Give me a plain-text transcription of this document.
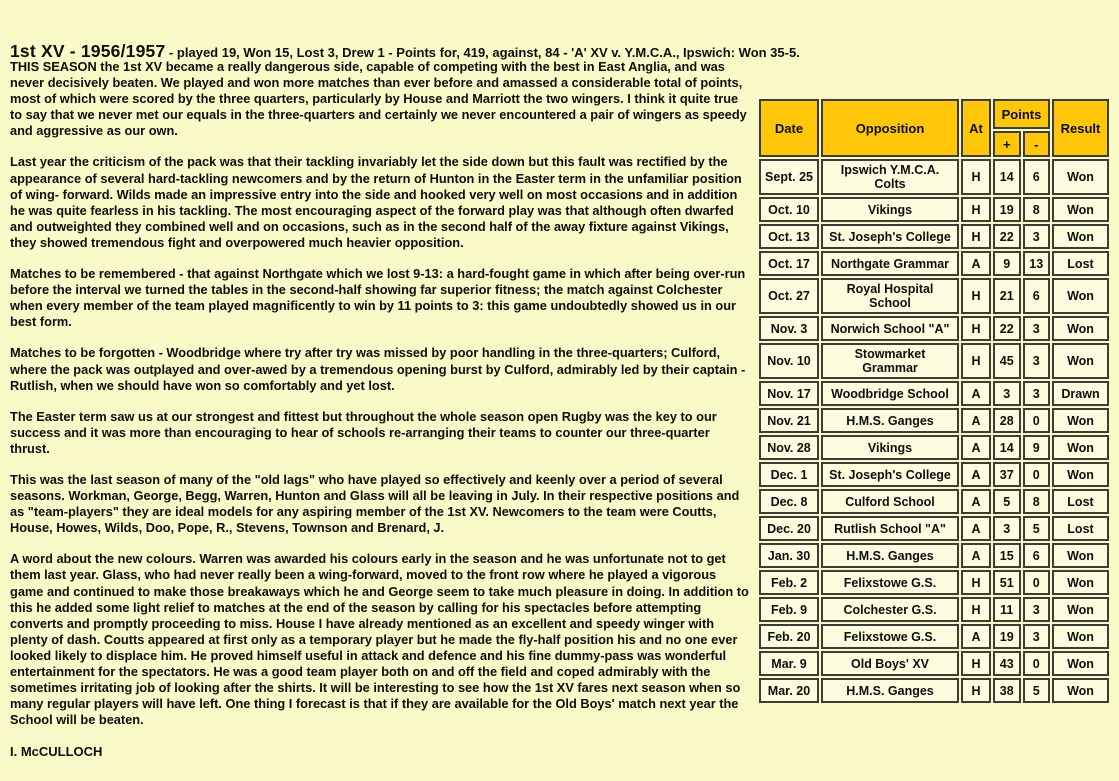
1st XV - 1956/1957 - played 19, Won 15, Lost 3, Drew 1 - Points for, 419, against, 84 - 'A' XV v. Y.M.C.A., Ipswich: Won 35-5.

THIS SEASON the 1st XV became a really dangerous side, capable of competing with the best in East Anglia, and was never decisively beaten. We played and won more matches than ever before and amassed a considerable total of points, most of which were scored by the three quarters, particularly by House and Marriott the two wingers. I think it quite true to say that we never met our equals in the three-quarters and certainly we never encountered a pair of wingers as speedy and aggressive as our own.

Last year the criticism of the pack was that their tackling invariably let the side down but this fault was rectified by the appearance of several hard-tackling newcomers and by the return of Hunton in the Easter term in the unfamiliar position of wing- forward. Wilds made an impressive entry into the side and hooked very well on most occasions and in addition he was quite fearless in his tackling. The most encouraging aspect of the forward play was that although often dwarfed and outweighted they combined well and on occasions, such as in the second half of the away fixture against Vikings, they showed tremendous fight and overpowered much heavier opposition.

Matches to be remembered - that against Northgate which we lost 9-13: a hard-fought game in which after being over-run before the interval we turned the tables in the second-half showing far superior fitness; the match against Colchester when every member of the team played magnificently to win by 11 points to 3: this game undoubtedly showed us in our best form.

Matches to be forgotten - Woodbridge where try after try was missed by poor handling in the three-quarters; Culford, where the pack was outplayed and over-awed by a tremendous opening burst by Culford, admirably led by their captain - Rutlish, when we should have won so comfortably and yet lost.

The Easter term saw us at our strongest and fittest but throughout the whole season open Rugby was the key to our success and it was more than encouraging to hear of schools re-arranging their teams to counter our three-quarter thrust.

This was the last season of many of the "old lags" who have played so effectively and keenly over a period of several seasons. Workman, George, Begg, Warren, Hunton and Glass will all be leaving in July. In their respective positions and as "team-players" they are ideal models for any aspiring member of the 1st XV. Newcomers to the team were Coutts, House, Howes, Wilds, Doo, Pope, R., Stevens, Townson and Brenard, J.

A word about the new colours. Warren was awarded his colours early in the season and he was unfortunate not to get them last year. Glass, who had never really been a wing-forward, moved to the front row where he played a vigorous game and continued to make those breakaways which he and George seem to take much pleasure in doing. In addition to this he added some light relief to matches at the end of the season by calling for his spectacles before attempting converts and promptly proceeding to miss. House I have already mentioned as an excellent and speedy winger with plenty of dash. Coutts appeared at first only as a temporary player but he made the fly-half position his and no one ever looked likely to displace him. He proved himself useful in attack and defence and his fine dummy-pass was wonderful entertainment for the spectators. He was a good team player both on and off the field and coped admirably with the sometimes irritating job of looking after the shirts. It will be interesting to see how the 1st XV fares next season when so many regular players will have left. One thing I forecast is that if they are available for the Old Boys' match next year the School will be beaten.

I. McCULLOCH

Date	Opposition	At	Points		Result
			+	-	
Sept. 25	Ipswich Y.M.C.A. Colts	H	14	6	Won
Oct. 10	Vikings	H	19	8	Won
Oct. 13	St. Joseph's College	H	22	3	Won
Oct. 17	Northgate Grammar	A	9	13	Lost
Oct. 27	Royal Hospital School	H	21	6	Won
Nov. 3	Norwich School "A"	H	22	3	Won
Nov. 10	Stowmarket Grammar	H	45	3	Won
Nov. 17	Woodbridge School	A	3	3	Drawn
Nov. 21	H.M.S. Ganges	A	28	0	Won
Nov. 28	Vikings	A	14	9	Won
Dec. 1	St. Joseph's College	A	37	0	Won
Dec. 8	Culford School	A	5	8	Lost
Dec. 20	Rutlish School "A"	A	3	5	Lost
Jan. 30	H.M.S. Ganges	A	15	6	Won
Feb. 2	Felixstowe G.S.	H	51	0	Won
Feb. 9	Colchester G.S.	H	11	3	Won
Feb. 20	Felixstowe G.S.	A	19	3	Won
Mar. 9	Old Boys' XV	H	43	0	Won
Mar. 20	H.M.S. Ganges	H	38	5	Won
